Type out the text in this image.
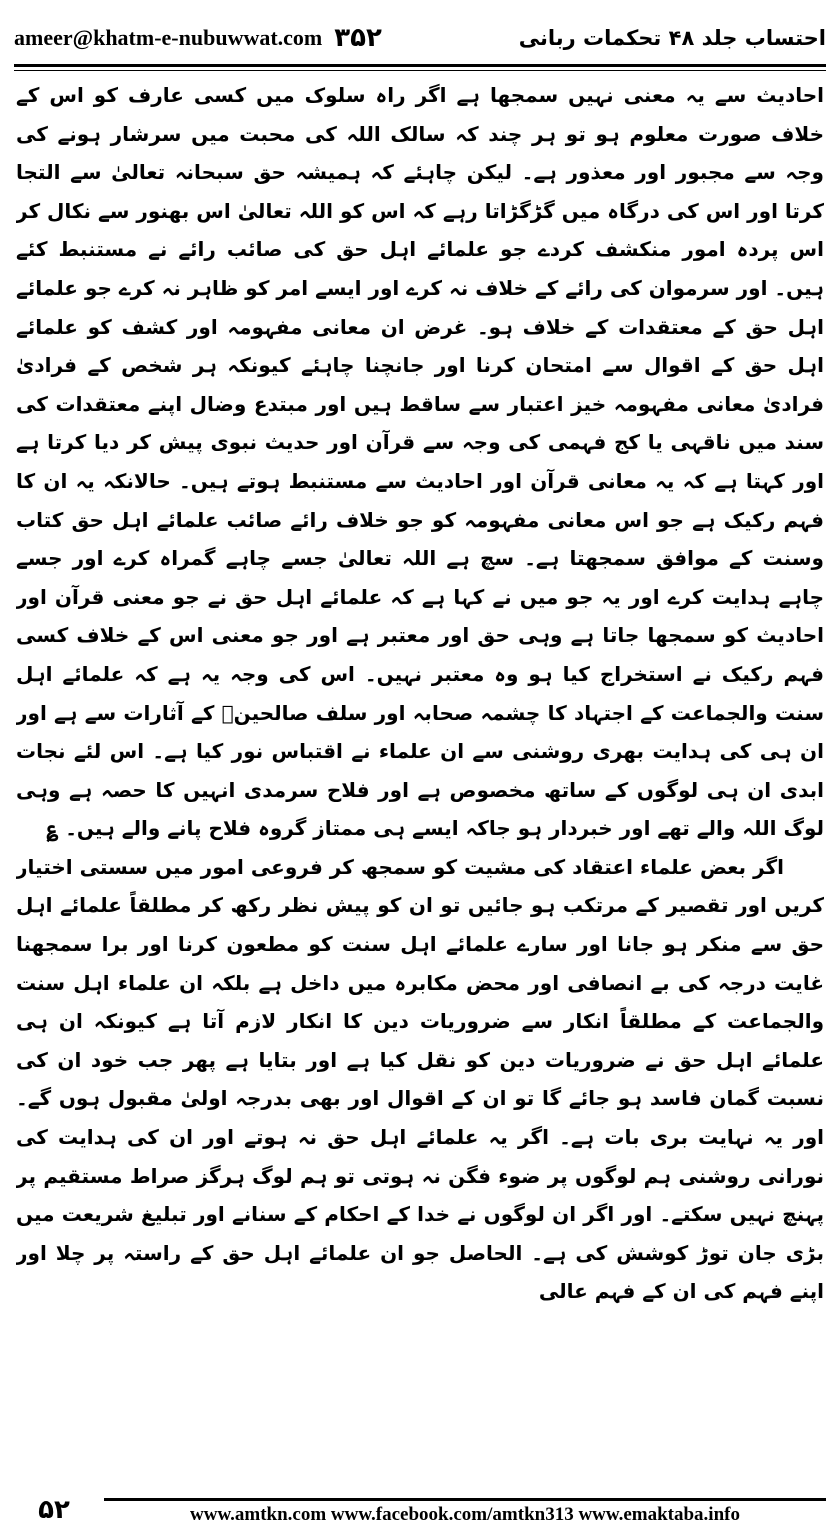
ameer@khatm-e-nubuwwat.com ۳۵۲	احتساب جلد ۴۸ تحکمات ربانی

احادیث سے یہ معنی نہیں سمجھا ہے اگر راہ سلوک میں کسی عارف کو اس کے خلاف صورت معلوم ہو تو ہر چند کہ سالک اللہ کی محبت میں سرشار ہونے کی وجہ سے مجبور اور معذور ہے۔ لیکن چاہئے کہ ہمیشہ حق سبحانہ تعالیٰ سے التجا کرتا اور اس کی درگاہ میں گڑگڑاتا رہے کہ اس کو اللہ تعالیٰ اس بھنور سے نکال کر اس پردہ امور منکشف کردے جو علمائے اہل حق کی صائب رائے نے مستنبط کئے ہیں۔ اور سرموان کی رائے کے خلاف نہ کرے اور ایسے امر کو ظاہر نہ کرے جو علمائے اہل حق کے معتقدات کے خلاف ہو۔ غرض ان معانی مفہومہ اور کشف کو علمائے اہل حق کے اقوال سے امتحان کرنا اور جانچنا چاہئے کیونکہ ہر شخص کے فرادیٰ فرادیٰ معانی مفہومہ خیز اعتبار سے ساقط ہیں اور مبتدع وضال اپنے معتقدات کی سند میں ناقہی یا کج فہمی کی وجہ سے قرآن اور حدیث نبوی پیش کر دیا کرتا ہے اور کہتا ہے کہ یہ معانی قرآن اور احادیث سے مستنبط ہوتے ہیں۔ حالانکہ یہ ان کا فہم رکیک ہے جو اس معانی مفہومہ کو جو خلاف رائے صائب علمائے اہل حق کتاب وسنت کے موافق سمجھتا ہے۔ سچ ہے اللہ تعالیٰ جسے چاہے گمراہ کرے اور جسے چاہے ہدایت کرے اور یہ جو میں نے کہا ہے کہ علمائے اہل حق نے جو معنی قرآن اور احادیث کو سمجھا جاتا ہے وہی حق اور معتبر ہے اور جو معنی اس کے خلاف کسی فہم رکیک نے استخراج کیا ہو وہ معتبر نہیں۔ اس کی وجہ یہ ہے کہ علمائے اہل سنت والجماعت کے اجتہاد کا چشمہ صحابہ اور سلف صالحینؒ کے آثارات سے ہے اور ان ہی کی ہدایت بھری روشنی سے ان علماء نے اقتباس نور کیا ہے۔ اس لئے نجات ابدی ان ہی لوگوں کے ساتھ مخصوص ہے اور فلاح سرمدی انہیں کا حصہ ہے وہی لوگ اللہ والے تھے اور خبردار ہو جاکہ ایسے ہی ممتاز گروہ فلاح پانے والے ہیں۔ ؏

اگر بعض علماء اعتقاد کی مشیت کو سمجھ کر فروعی امور میں سستی اختیار کریں اور تقصیر کے مرتکب ہو جائیں تو ان کو پیش نظر رکھ کر مطلقاً علمائے اہل حق سے منکر ہو جانا اور سارے علمائے اہل سنت کو مطعون کرنا اور برا سمجھنا غایت درجہ کی بے انصافی اور محض مکابرہ میں داخل ہے بلکہ ان علماء اہل سنت والجماعت کے مطلقاً انکار سے ضروریات دین کا انکار لازم آتا ہے کیونکہ ان ہی علمائے اہل حق نے ضروریات دین کو نقل کیا ہے اور بتایا ہے پھر جب خود ان کی نسبت گمان فاسد ہو جائے گا تو ان کے اقوال اور بھی بدرجہ اولیٰ مقبول ہوں گے۔ اور یہ نہایت بری بات ہے۔ اگر یہ علمائے اہل حق نہ ہوتے اور ان کی ہدایت کی نورانی روشنی ہم لوگوں پر ضوء فگن نہ ہوتی تو ہم لوگ ہرگز صراط مستقیم پر پہنچ نہیں سکتے۔ اور اگر ان لوگوں نے خدا کے احکام کے سنانے اور تبلیغ شریعت میں بڑی جان توڑ کوشش کی ہے۔ الحاصل جو ان علمائے اہل حق کے راستہ پر چلا اور اپنے فہم کی ان کے فہم عالی

۵۲	www.amtkn.com www.facebook.com/amtkn313 www.emaktaba.info
